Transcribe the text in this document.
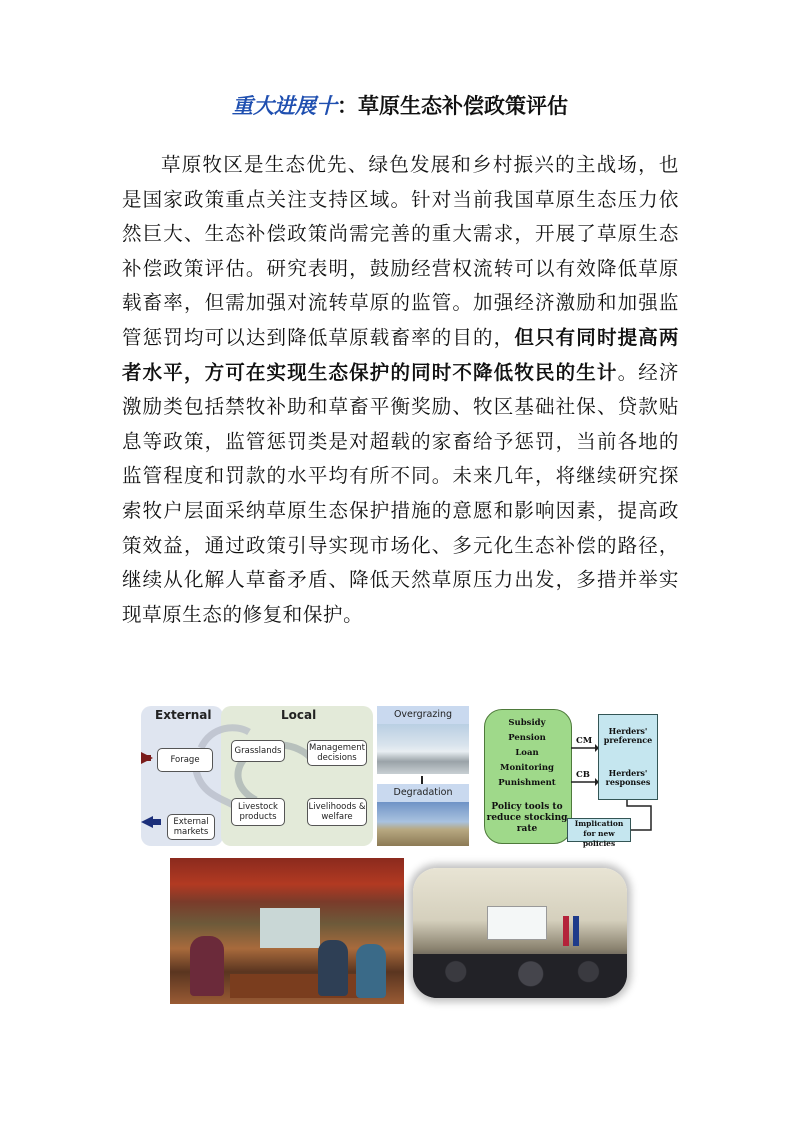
重大进展十：草原生态补偿政策评估
草原牧区是生态优先、绿色发展和乡村振兴的主战场，也是国家政策重点关注支持区域。针对当前我国草原生态压力依然巨大、生态补偿政策尚需完善的重大需求，开展了草原生态补偿政策评估。研究表明，鼓励经营权流转可以有效降低草原载畜率，但需加强对流转草原的监管。加强经济激励和加强监管惩罚均可以达到降低草原载畜率的目的，但只有同时提高两者水平，方可在实现生态保护的同时不降低牧民的生计。经济激励类包括禁牧补助和草畜平衡奖励、牧区基础社保、贷款贴息等政策，监管惩罚类是对超载的家畜给予惩罚，当前各地的监管程度和罚款的水平均有所不同。未来几年，将继续研究探索牧户层面采纳草原生态保护措施的意愿和影响因素，提高政策效益，通过政策引导实现市场化、多元化生态补偿的路径，继续从化解人草畜矛盾、降低天然草原压力出发，多措并举实现草原生态的修复和保护。
External	Local
Forage
External markets
Grasslands	Management decisions
Livestock products
Livelihoods & welfare
Overgrazing
Degradation
Subsidy
Pension
Loan
Monitoring
Punishment
Policy tools to reduce stocking rate
CM
CB
Herders' preference
Herders' responses
Implication for new policies
